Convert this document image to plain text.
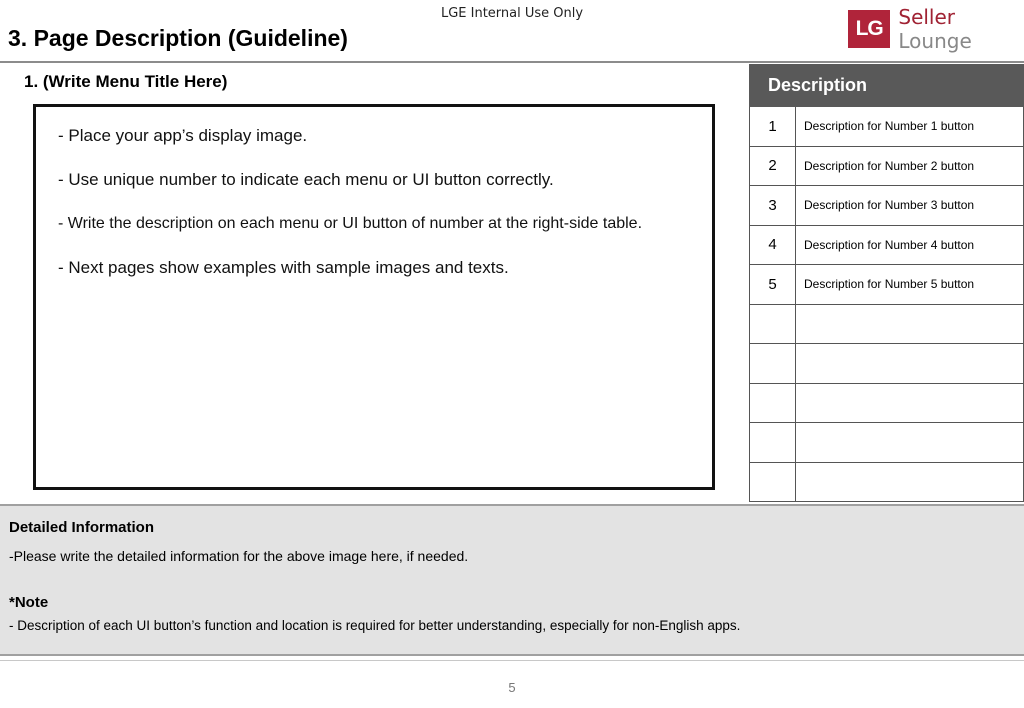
LGE Internal Use Only
3. Page Description (Guideline)	LG Seller Lounge
1. (Write Menu Title Here)
- Place your app’s display image.
- Use unique number to indicate each menu or UI button correctly.
- Write the description on each menu or UI button of number at the right-side table.
- Next pages show examples with sample images and texts.
Description	
1	Description for Number 1 button
2	Description for Number 2 button
3	Description for Number 3 button
4	Description for Number 4 button
5	Description for Number 5 button

Detailed Information
-Please write the detailed information for the above image here, if needed.
*Note
- Description of each UI button’s function and location is required for better understanding, especially for non-English apps.
5
